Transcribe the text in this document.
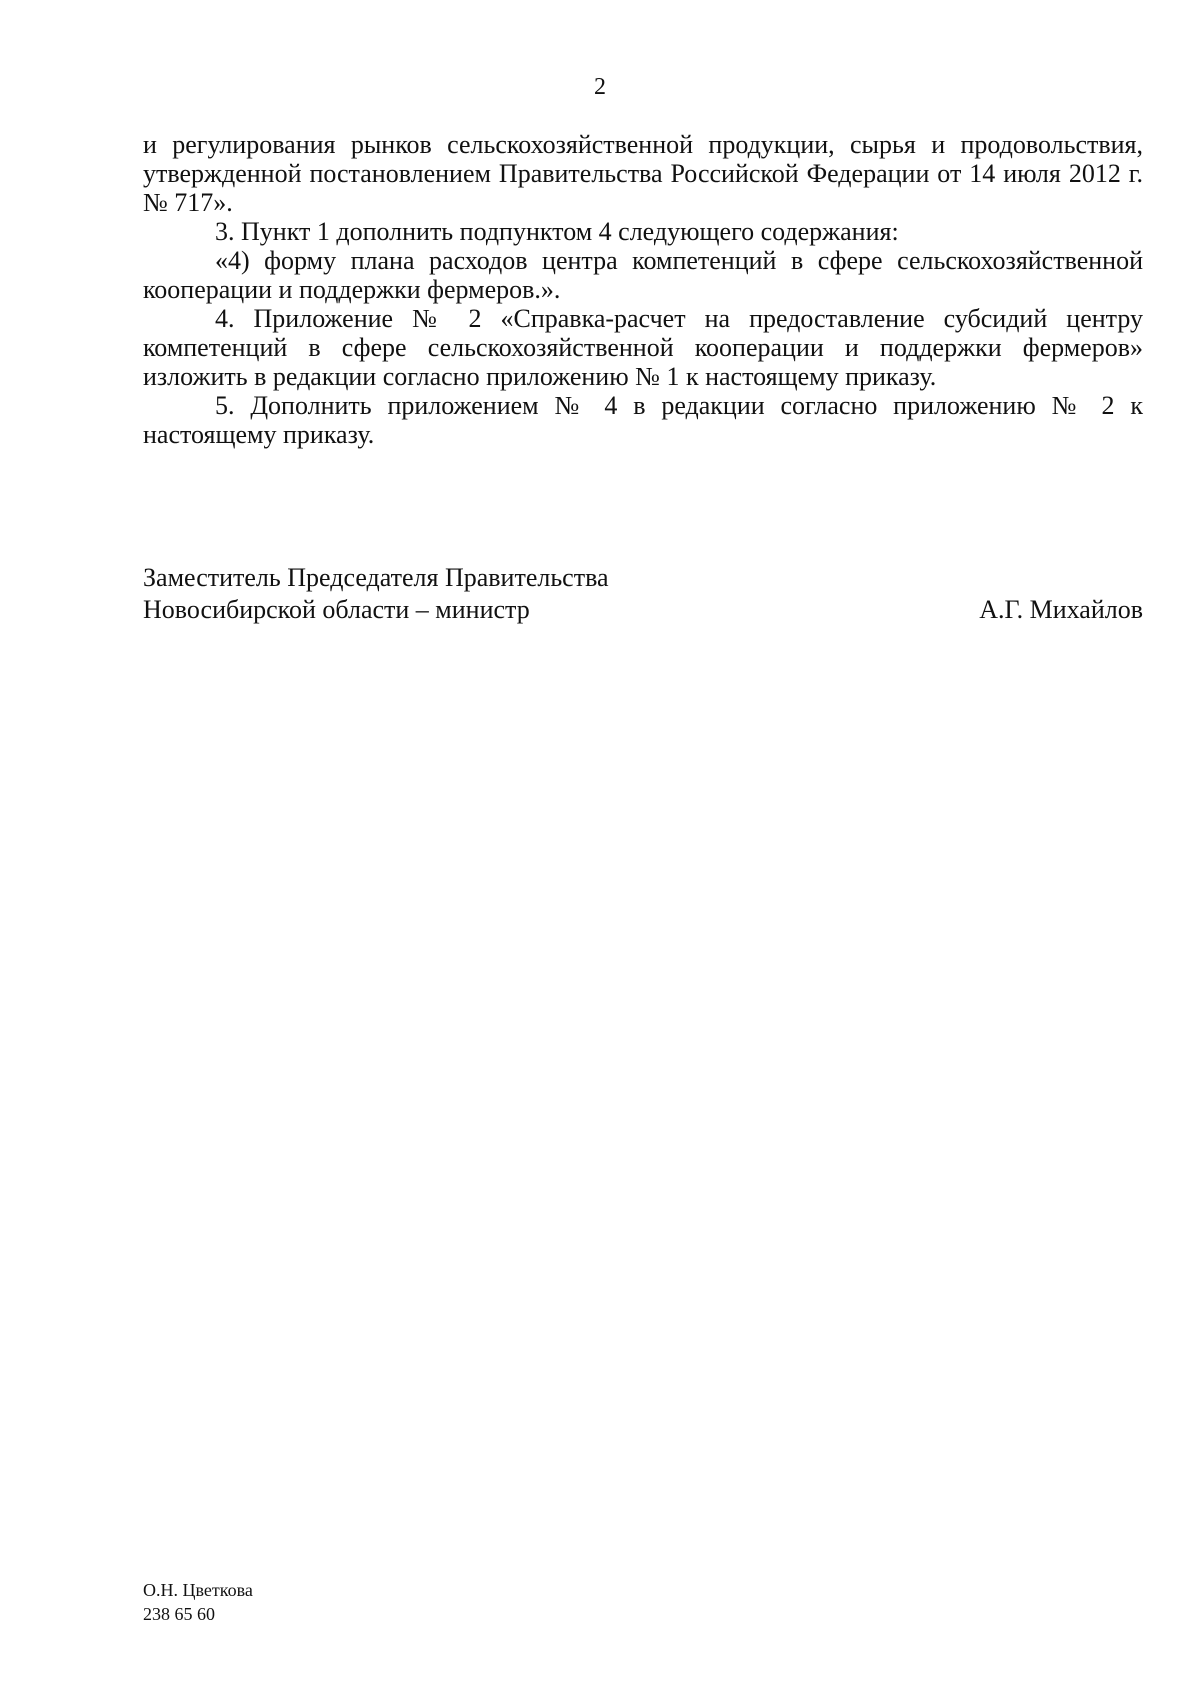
2

и регулирования рынков сельскохозяйственной продукции, сырья и продовольствия, утвержденной постановлением Правительства Российской Федерации от 14 июля 2012 г. № 717».

3. Пункт 1 дополнить подпунктом 4 следующего содержания:

«4) форму плана расходов центра компетенций в сфере сельскохозяйственной кооперации и поддержки фермеров.».

4. Приложение № 2 «Справка-расчет на предоставление субсидий центру компетенций в сфере сельскохозяйственной кооперации и поддержки фермеров» изложить в редакции согласно приложению № 1 к настоящему приказу.

5. Дополнить приложением № 4 в редакции согласно приложению № 2 к настоящему приказу.

Заместитель Председателя Правительства
Новосибирской области – министр	А.Г. Михайлов
О.Н. Цветкова
238 65 60
